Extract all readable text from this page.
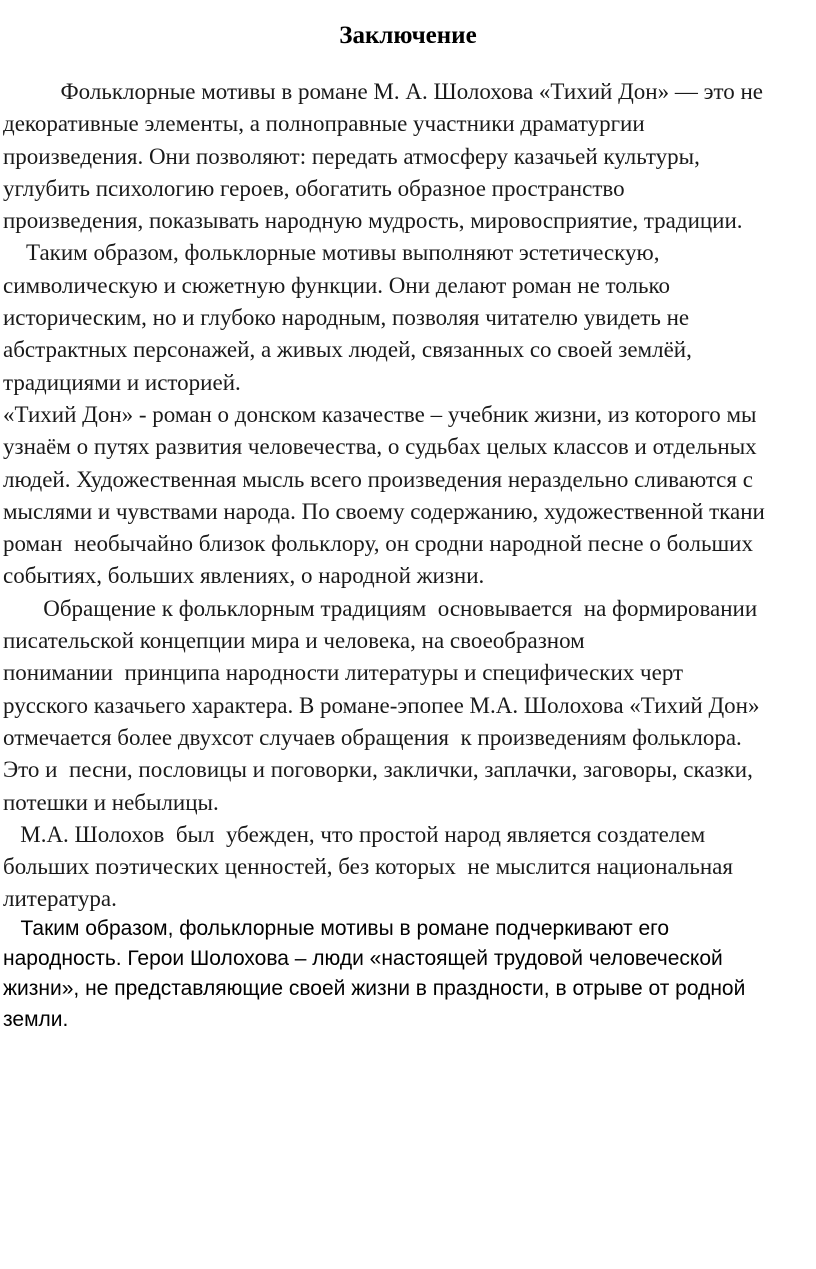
Заключение
Фольклорные мотивы в романе М. А. Шолохова «Тихий Дон» — это не
декоративные элементы, а полноправные участники драматургии
произведения. Они позволяют: передать атмосферу казачьей культуры,
углубить психологию героев, обогатить образное пространство
произведения, показывать народную мудрость, мировосприятие, традиции.
Таким образом, фольклорные мотивы выполняют эстетическую,
символическую и сюжетную функции. Они делают роман не только
историческим, но и глубоко народным, позволяя читателю увидеть не
абстрактных персонажей, а живых людей, связанных со своей землёй,
традициями и историей.
«Тихий Дон» - роман о донском казачестве – учебник жизни, из которого мы
узнаём о путях развития человечества, о судьбах целых классов и отдельных
людей. Художественная мысль всего произведения нераздельно сливаются с
мыслями и чувствами народа. По своему содержанию, художественной ткани
роман  необычайно близок фольклору, он сродни народной песне о больших
событиях, больших явлениях, о народной жизни.
Обращение к фольклорным традициям  основывается  на формировании
писательской концепции мира и человека, на своеобразном
понимании  принципа народности литературы и специфических черт
русского казачьего характера. В романе-эпопее М.А. Шолохова «Тихий Дон»
отмечается более двухсот случаев обращения  к произведениям фольклора.
Это и  песни, пословицы и поговорки, заклички, заплачки, заговоры, сказки,
потешки и небылицы.
М.А. Шолохов  был  убежден, что простой народ является создателем
больших поэтических ценностей, без которых  не мыслится национальная
литература.
Таким образом, фольклорные мотивы в романе подчеркивают его
народность. Герои Шолохова – люди «настоящей трудовой человеческой
жизни», не представляющие своей жизни в праздности, в отрыве от родной
земли.
